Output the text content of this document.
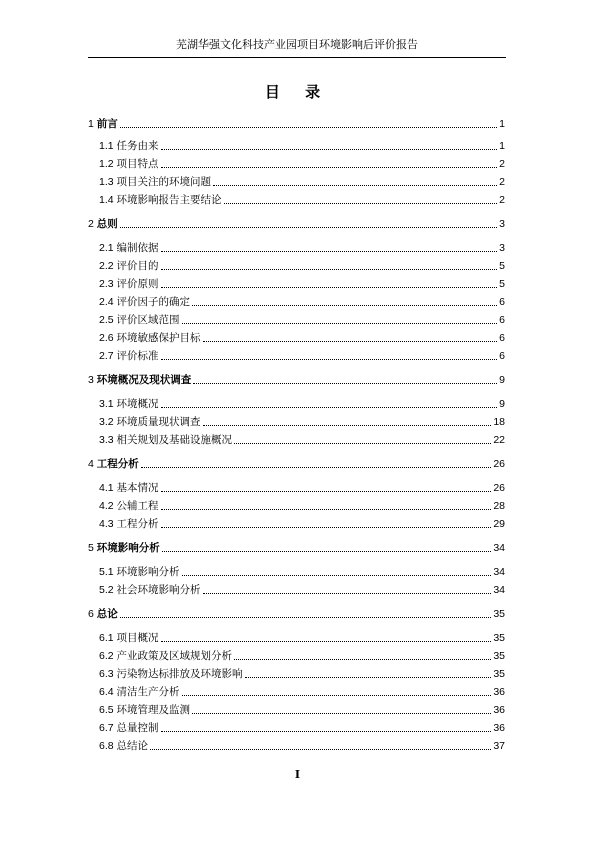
芜湖华强文化科技产业园项目环境影响后评价报告
目 录
1 前言	1
1.1 任务由来	1
1.2 项目特点	2
1.3 项目关注的环境问题	2
1.4 环境影响报告主要结论	2
2 总则	3
2.1 编制依据	3
2.2 评价目的	5
2.3 评价原则	5
2.4 评价因子的确定	6
2.5 评价区域范围	6
2.6 环境敏感保护目标	6
2.7 评价标准	6
3 环境概况及现状调查	9
3.1 环境概况	9
3.2 环境质量现状调查	18
3.3 相关规划及基础设施概况	22
4 工程分析	26
4.1 基本情况	26
4.2 公辅工程	28
4.3 工程分析	29
5 环境影响分析	34
5.1 环境影响分析	34
5.2 社会环境影响分析	34
6 总论	35
6.1 项目概况	35
6.2 产业政策及区域规划分析	35
6.3 污染物达标排放及环境影响	35
6.4 清洁生产分析	36
6.5 环境管理及监测	36
6.7 总量控制	36
6.8 总结论	37
I
